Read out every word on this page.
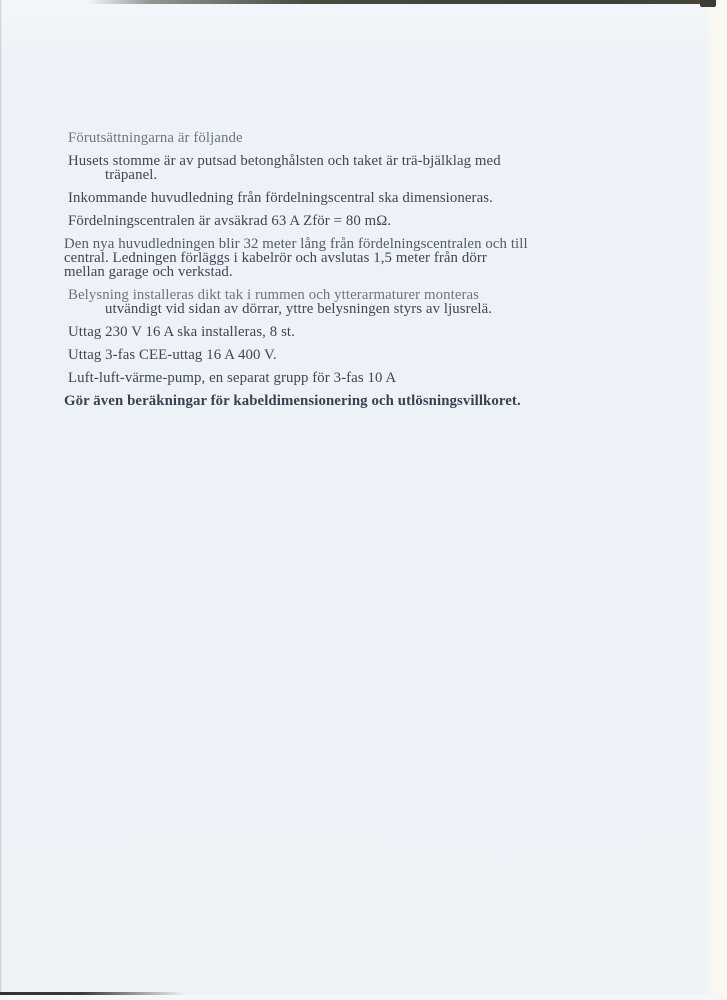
Förutsättningarna är följande

Husets stomme är av putsad betonghålsten och taket är trä-bjälklag med
träpanel.

Inkommande huvudledning från fördelningscentral ska dimensioneras.

Fördelningscentralen är avsäkrad 63 A Zför = 80 mΩ.

Den nya huvudledningen blir 32 meter lång från fördelningscentralen och till
central. Ledningen förläggs i kabelrör och avslutas 1,5 meter från dörr
mellan garage och verkstad.

Belysning installeras dikt tak i rummen och ytterarmaturer monteras
utvändigt vid sidan av dörrar, yttre belysningen styrs av ljusrelä.

Uttag 230 V 16 A ska installeras, 8 st.

Uttag 3-fas CEE-uttag 16 A 400 V.

Luft-luft-värme-pump, en separat grupp för 3-fas 10 A

Gör även beräkningar för kabeldimensionering och utlösningsvillkoret.
